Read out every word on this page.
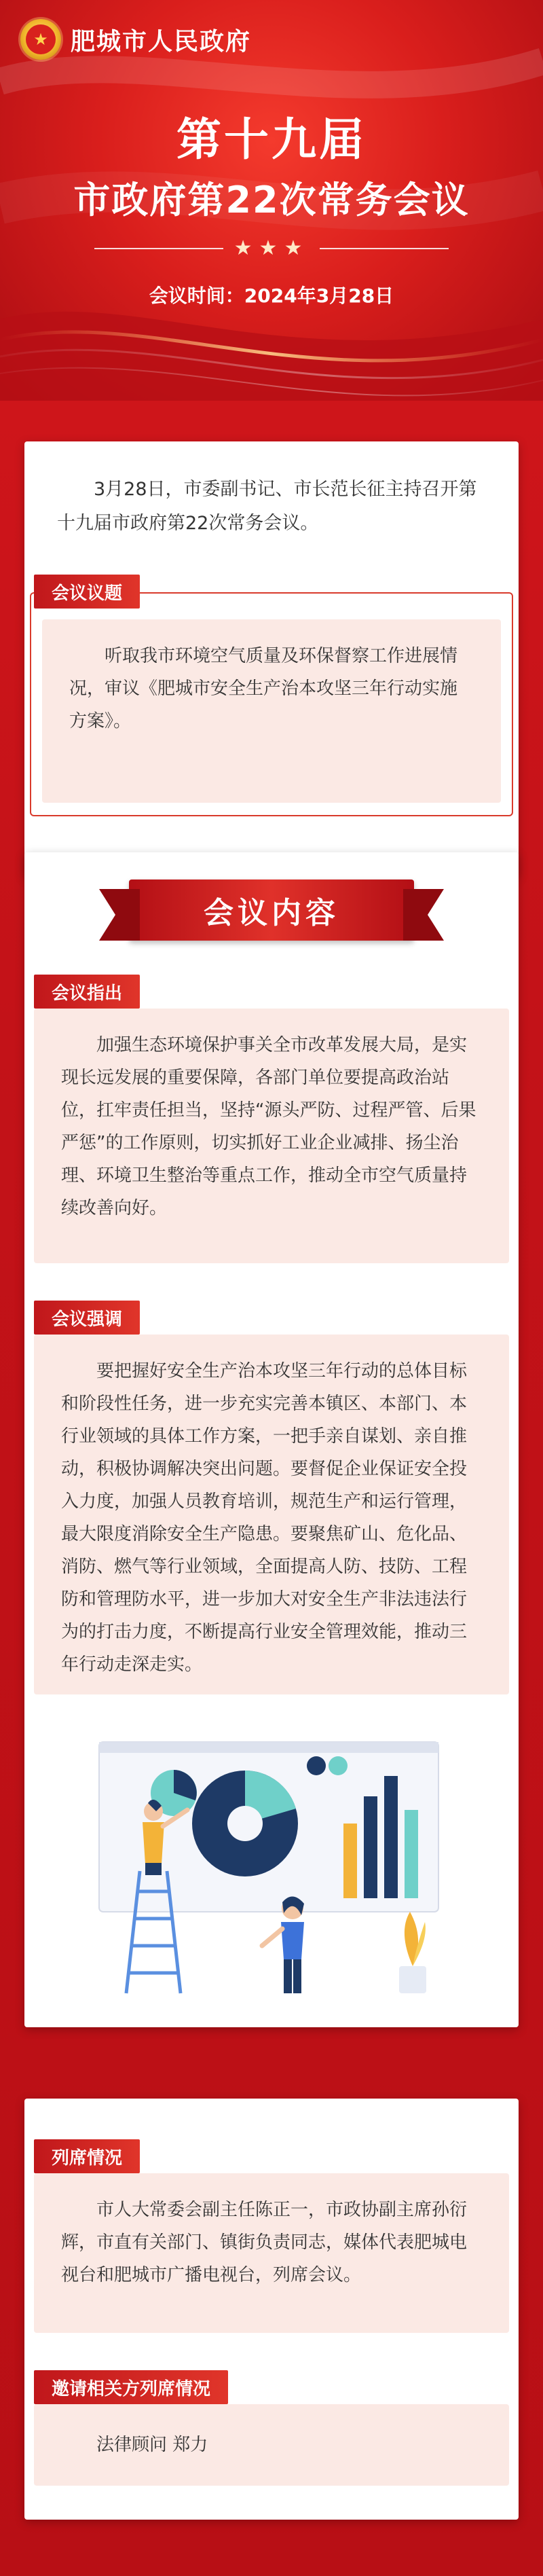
★ 肥城市人民政府
第十九届
市政府第22次常务会议
★★★
会议时间：2024年3月28日
3月28日，市委副书记、市长范长征主持召开第十九届市政府第22次常务会议。
会议议题
听取我市环境空气质量及环保督察工作进展情况，审议《肥城市安全生产治本攻坚三年行动实施方案》。
会议内容
会议指出
加强生态环境保护事关全市改革发展大局，是实现长远发展的重要保障，各部门单位要提高政治站位，扛牢责任担当，坚持“源头严防、过程严管、后果严惩”的工作原则，切实抓好工业企业减排、扬尘治理、环境卫生整治等重点工作，推动全市空气质量持续改善向好。
会议强调
要把握好安全生产治本攻坚三年行动的总体目标和阶段性任务，进一步充实完善本镇区、本部门、本行业领域的具体工作方案，一把手亲自谋划、亲自推动，积极协调解决突出问题。要督促企业保证安全投入力度，加强人员教育培训，规范生产和运行管理，最大限度消除安全生产隐患。要聚焦矿山、危化品、消防、燃气等行业领域，全面提高人防、技防、工程防和管理防水平，进一步加大对安全生产非法违法行为的打击力度，不断提高行业安全管理效能，推动三年行动走深走实。
列席情况
市人大常委会副主任陈正一，市政协副主席孙衍辉，市直有关部门、镇街负责同志，媒体代表肥城电视台和肥城市广播电视台，列席会议。
邀请相关方列席情况
法律顾问 郑力
